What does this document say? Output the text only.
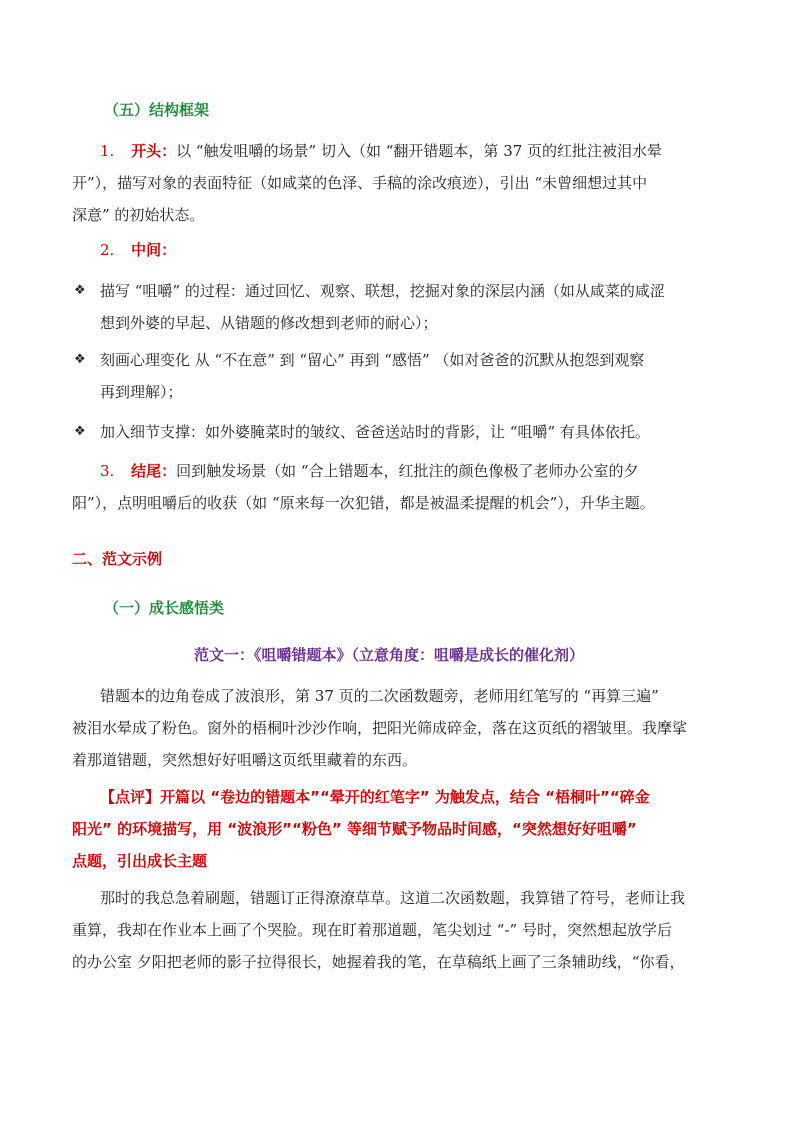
（五）结构框架
1. 开头：以 “触发咀嚼的场景” 切入（如 “翻开错题本，第 37 页的红批注被泪水晕
开”），描写对象的表面特征（如咸菜的色泽、手稿的涂改痕迹），引出 “未曾细想过其中
深意” 的初始状态。
2. 中间：
❖ 描写 “咀嚼” 的过程：通过回忆、观察、联想，挖掘对象的深层内涵（如从咸菜的咸涩
想到外婆的早起、从错题的修改想到老师的耐心）；
❖ 刻画心理变化 从 “不在意” 到 “留心” 再到 “感悟” （如对爸爸的沉默从抱怨到观察
再到理解）；
❖ 加入细节支撑：如外婆腌菜时的皱纹、爸爸送站时的背影，让 “咀嚼” 有具体依托。
3. 结尾：回到触发场景（如 “合上错题本，红批注的颜色像极了老师办公室的夕
阳”），点明咀嚼后的收获（如 “原来每一次犯错，都是被温柔提醒的机会”），升华主题。
二、范文示例
（一）成长感悟类
范文一：《咀嚼错题本》（立意角度：咀嚼是成长的催化剂）
错题本的边角卷成了波浪形，第 37 页的二次函数题旁，老师用红笔写的 “再算三遍”
被泪水晕成了粉色。窗外的梧桐叶沙沙作响，把阳光筛成碎金，落在这页纸的褶皱里。我摩挲
着那道错题，突然想好好咀嚼这页纸里藏着的东西。
【点评】开篇以 “卷边的错题本”“晕开的红笔字” 为触发点，结合 “梧桐叶”“碎金
阳光” 的环境描写，用 “波浪形”“粉色” 等细节赋予物品时间感，“突然想好好咀嚼”
点题，引出成长主题
那时的我总急着刷题，错题订正得潦潦草草。这道二次函数题，我算错了符号，老师让我
重算，我却在作业本上画了个哭脸。现在盯着那道题，笔尖划过 “-” 号时，突然想起放学后
的办公室 夕阳把老师的影子拉得很长，她握着我的笔，在草稿纸上画了三条辅助线，“你看，
